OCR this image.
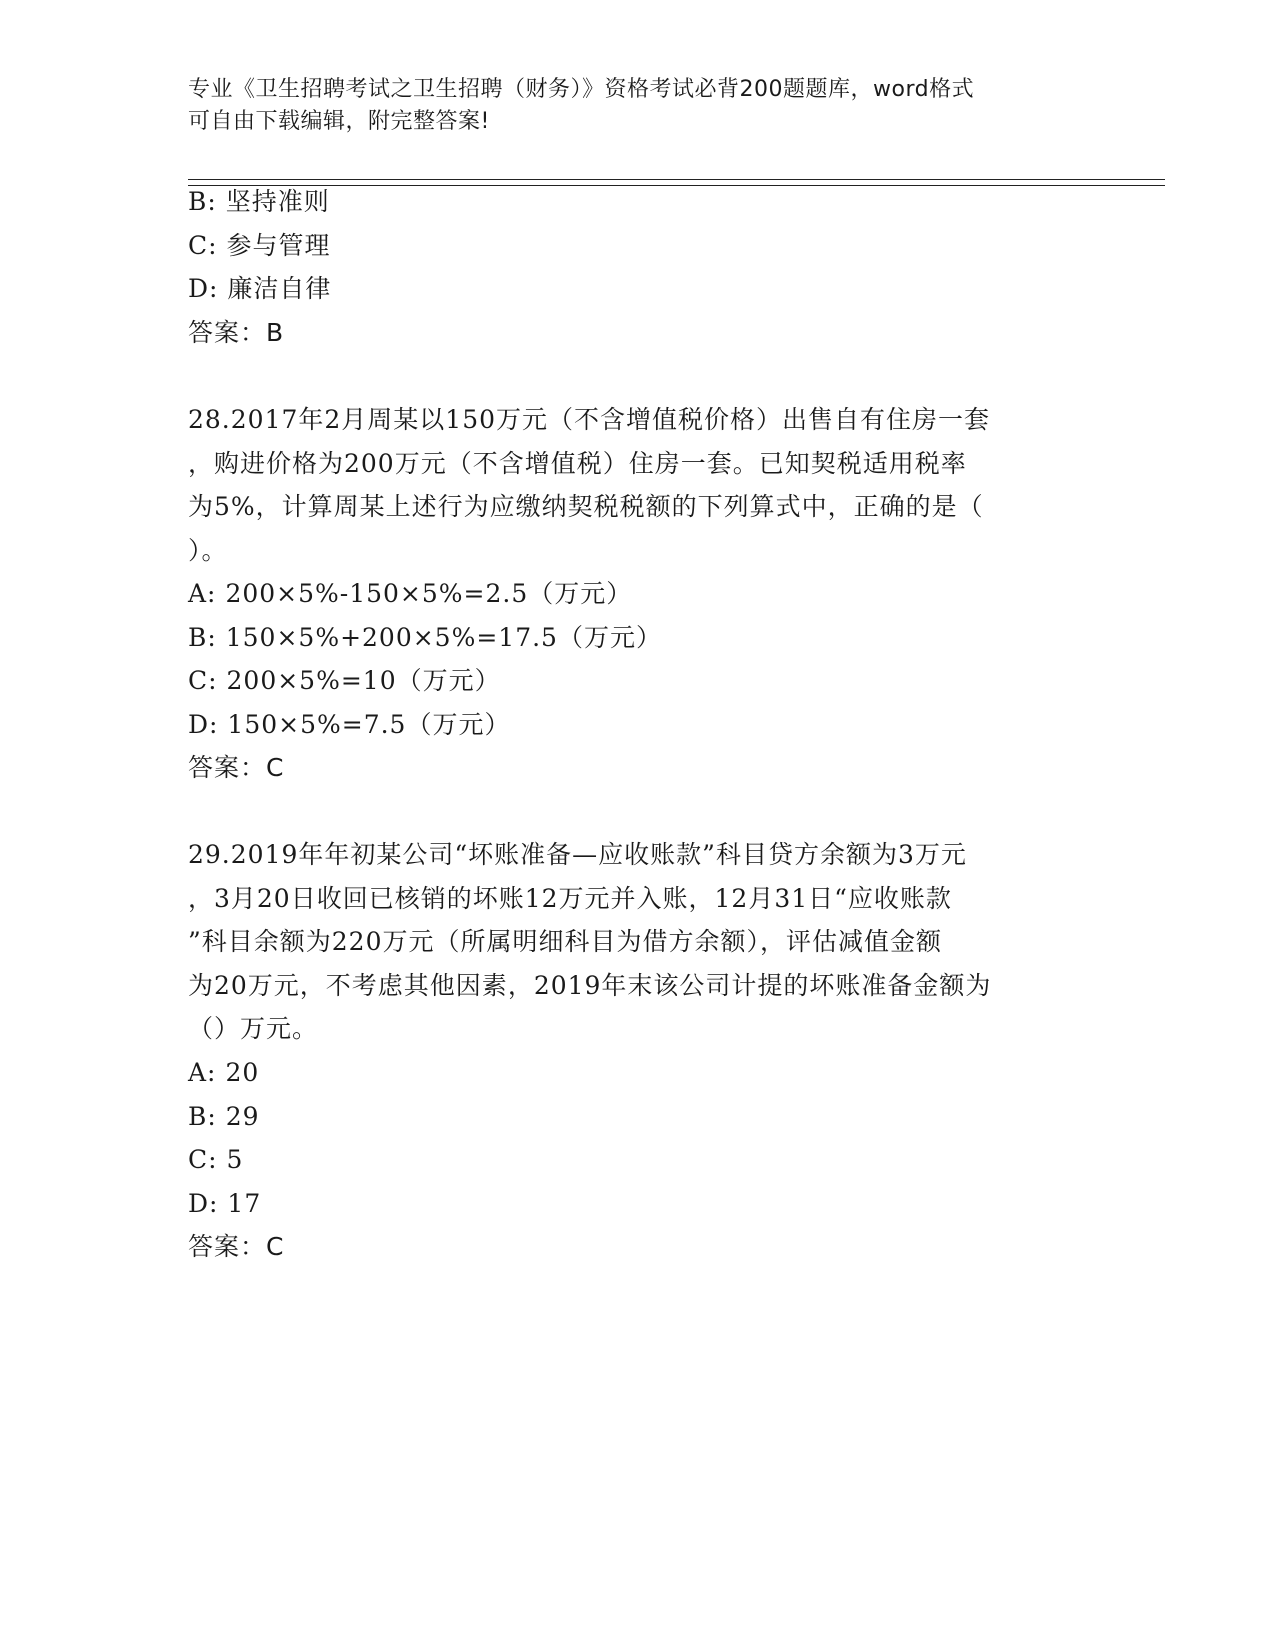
专业《卫生招聘考试之卫生招聘（财务）》资格考试必背200题题库，word格式
可自由下载编辑，附完整答案!
B: 坚持准则
C: 参与管理
D: 廉洁自律
答案：B
28.2017年2月周某以150万元（不含增值税价格）出售自有住房一套
，购进价格为200万元（不含增值税）住房一套。已知契税适用税率
为5%，计算周某上述行为应缴纳契税税额的下列算式中，正确的是（
）。
A: 200×5%-150×5%=2.5（万元）
B: 150×5%+200×5%=17.5（万元）
C: 200×5%=10（万元）
D: 150×5%=7.5（万元）
答案：C
29.2019年年初某公司“坏账准备—应收账款”科目贷方余额为3万元
，3月20日收回已核销的坏账12万元并入账，12月31日“应收账款
”科目余额为220万元（所属明细科目为借方余额），评估减值金额
为20万元，不考虑其他因素，2019年末该公司计提的坏账准备金额为
（）万元。
A: 20
B: 29
C: 5
D: 17
答案：C
